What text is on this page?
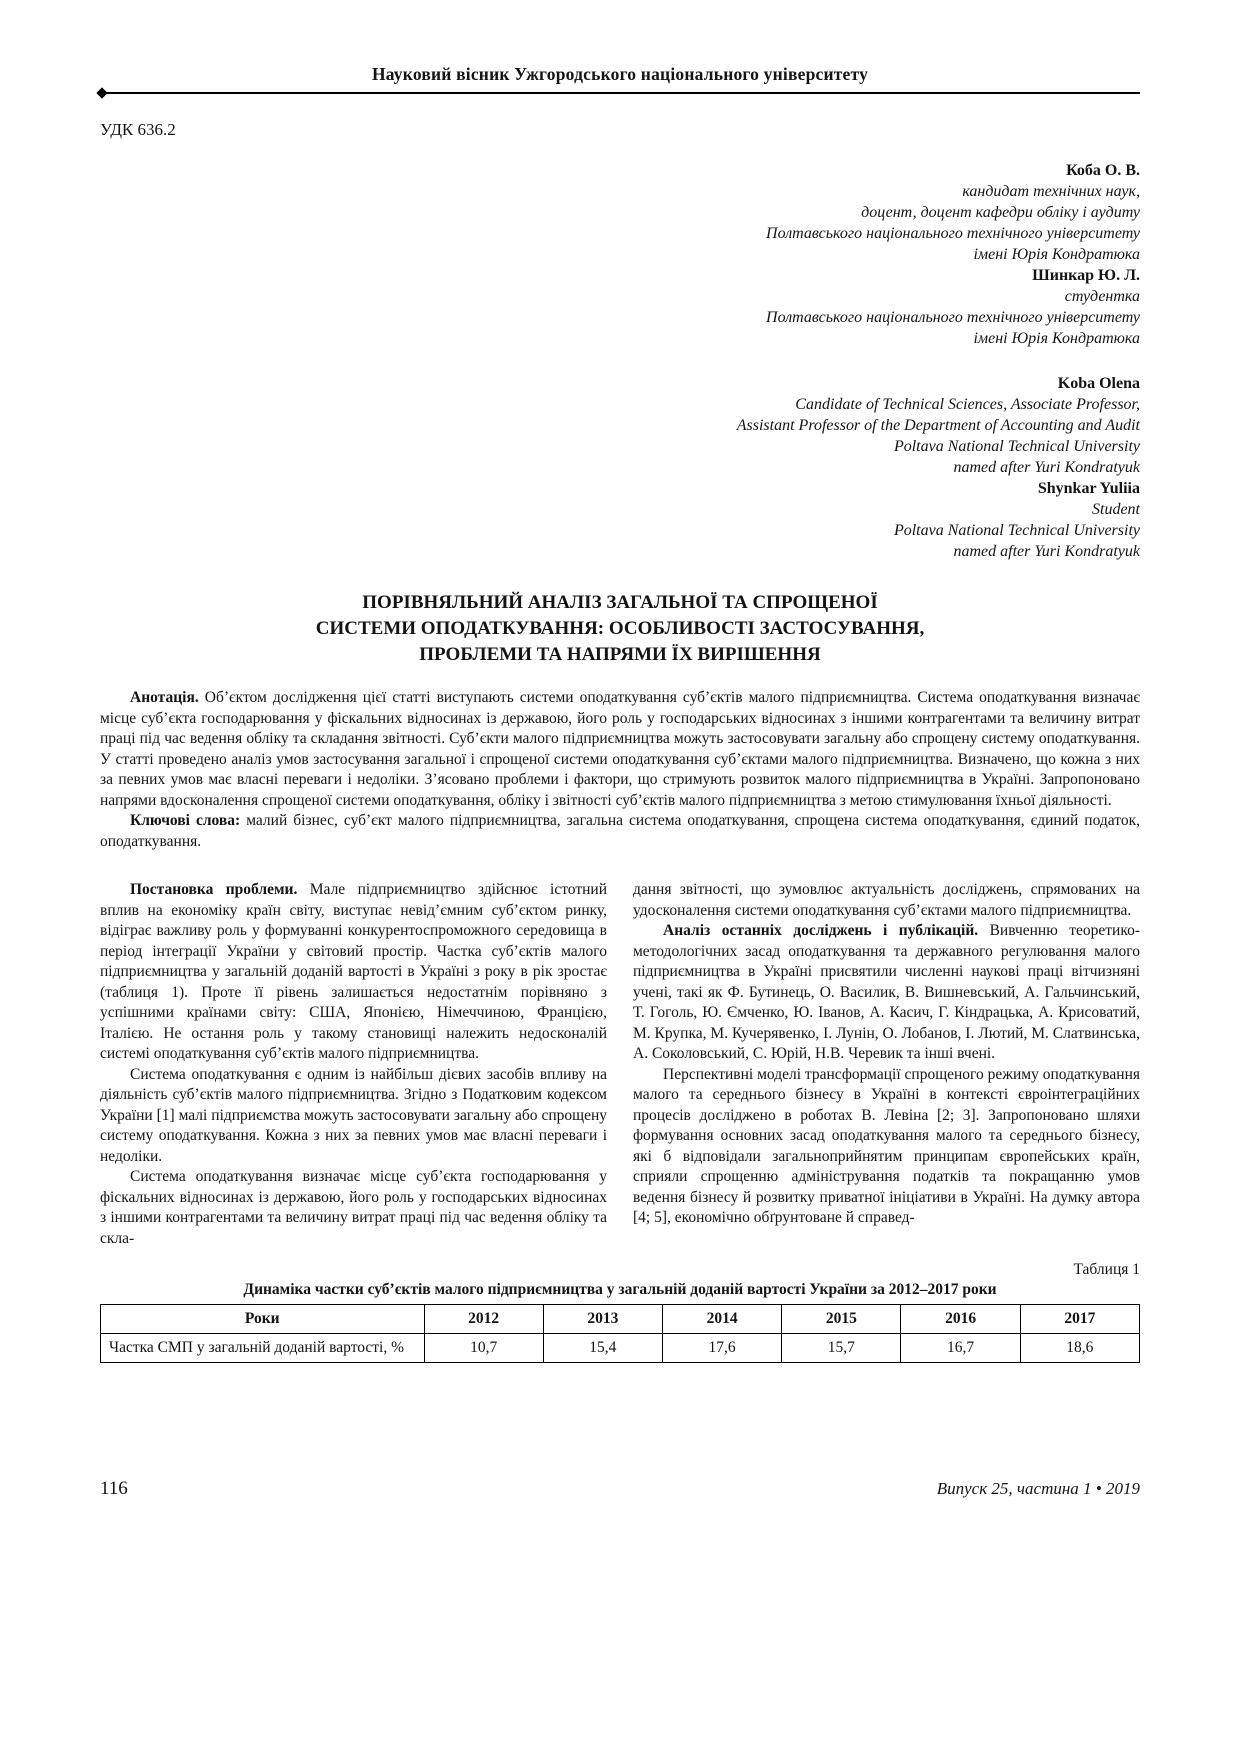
Науковий вісник Ужгородського національного університету
УДК 636.2
Коба О. В.
кандидат технічних наук,
доцент, доцент кафедри обліку і аудиту
Полтавського національного технічного університету
імені Юрія Кондратюка
Шинкар Ю. Л.
студентка
Полтавського національного технічного університету
імені Юрія Кондратюка
Koba Olena
Candidate of Technical Sciences, Associate Professor,
Assistant Professor of the Department of Accounting and Audit
Poltava National Technical University
named after Yuri Kondratyuk
Shynkar Yuliia
Student
Poltava National Technical University
named after Yuri Kondratyuk
ПОРІВНЯЛЬНИЙ АНАЛІЗ ЗАГАЛЬНОЇ ТА СПРОЩЕНОЇ
СИСТЕМИ ОПОДАТКУВАННЯ: ОСОБЛИВОСТІ ЗАСТОСУВАННЯ,
ПРОБЛЕМИ ТА НАПРЯМИ ЇХ ВИРІШЕННЯ

Анотація. Об’єктом дослідження цієї статті виступають системи оподаткування суб’єктів малого підприємництва. Система оподаткування визначає місце суб’єкта господарювання у фіскальних відносинах із державою, його роль у господарських відносинах з іншими контрагентами та величину витрат праці під час ведення обліку та складання звітності. Суб’єкти малого підприємництва можуть застосовувати загальну або спрощену систему оподаткування. У статті проведено аналіз умов застосування загальної і спрощеної системи оподаткування суб’єктами малого підприємництва. Визначено, що кожна з них за певних умов має власні переваги і недоліки. З’ясовано проблеми і фактори, що стримують розвиток малого підприємництва в Україні. Запропоновано напрями вдосконалення спрощеної системи оподаткування, обліку і звітності суб’єктів малого підприємництва з метою стимулювання їхньої діяльності.

Ключові слова: малий бізнес, суб’єкт малого підприємництва, загальна система оподаткування, спрощена система оподаткування, єдиний податок, оподаткування.

Постановка проблеми. Мале підприємництво здійснює істотний вплив на економіку країн світу, виступає невід’ємним суб’єктом ринку, відіграє важливу роль у формуванні конкурентоспроможного середовища в період інтеграції України у світовий простір. Частка суб’єктів малого підприємництва у загальній доданій вартості в Україні з року в рік зростає (таблиця 1). Проте її рівень залишається недостатнім порівняно з успішними країнами світу: США, Японією, Німеччиною, Францією, Італією. Не остання роль у такому становищі належить недосконалій системі оподаткування суб’єктів малого підприємництва.

Система оподаткування є одним із найбільш дієвих засобів впливу на діяльність суб’єктів малого підприємництва. Згідно з Податковим кодексом України [1] малі підприємства можуть застосовувати загальну або спрощену систему оподаткування. Кожна з них за певних умов має власні переваги і недоліки.

Система оподаткування визначає місце суб’єкта господарювання у фіскальних відносинах із державою, його роль у господарських відносинах з іншими контрагентами та величину витрат праці під час ведення обліку та скла-

дання звітності, що зумовлює актуальність досліджень, спрямованих на удосконалення системи оподаткування суб’єктами малого підприємництва.

Аналіз останніх досліджень і публікацій. Вивченню теоретико-методологічних засад оподаткування та державного регулювання малого підприємництва в Україні присвятили численні наукові праці вітчизняні учені, такі як Ф. Бутинець, О. Василик, В. Вишневський, А. Гальчинський, Т. Гоголь, Ю. Ємченко, Ю. Іванов, А. Касич, Г. Кіндрацька, А. Крисоватий, М. Крупка, М. Кучерявенко, І. Лунін, О. Лобанов, І. Лютий, М. Слатвинська, А. Соколовський, С. Юрій, Н.В. Черевик та інші вчені.

Перспективні моделі трансформації спрощеного режиму оподаткування малого та середнього бізнесу в Україні в контексті євроінтеграційних процесів досліджено в роботах В. Левіна [2; 3]. Запропоновано шляхи формування основних засад оподаткування малого та середнього бізнесу, які б відповідали загальноприйнятим принципам європейських країн, сприяли спрощенню адміністрування податків та покращанню умов ведення бізнесу й розвитку приватної ініціативи в Україні. На думку автора [4; 5], економічно обґрунтоване й справед-

Таблиця 1
Динаміка частки суб’єктів малого підприємництва у загальній доданій вартості України за 2012–2017 роки
Роки	2012	2013	2014	2015	2016	2017
Частка СМП у загальній доданій вартості, %	10,7	15,4	17,6	15,7	16,7	18,6
116	Випуск 25, частина 1 • 2019
